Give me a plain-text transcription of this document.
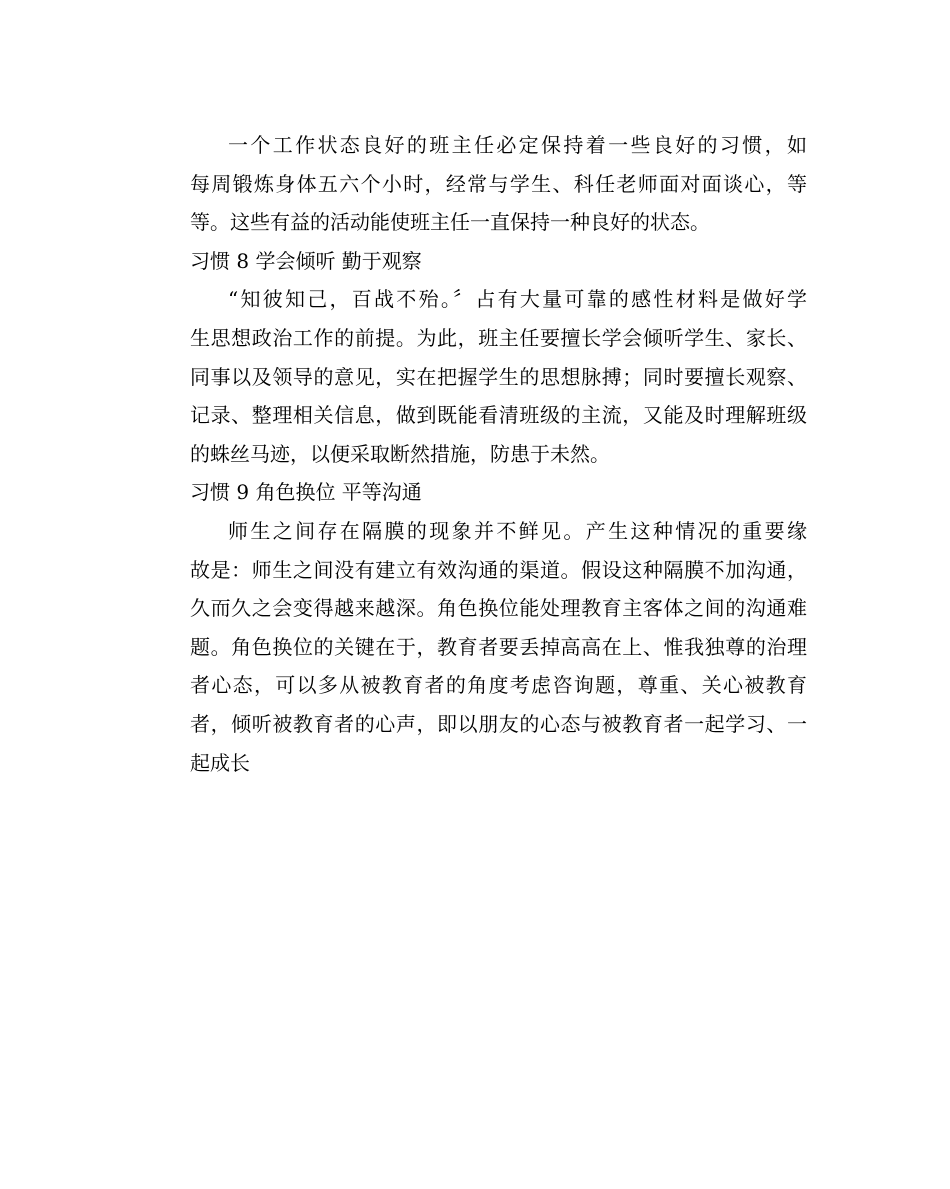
一个工作状态良好的班主任必定保持着一些良好的习惯，如
每周锻炼身体五六个小时，经常与学生、科任老师面对面谈心，等
等。这些有益的活动能使班主任一直保持一种良好的状态。
习惯 8 学会倾听 勤于观察
“知彼知己，百战不殆。〞占有大量可靠的感性材料是做好学
生思想政治工作的前提。为此，班主任要擅长学会倾听学生、家长、
同事以及领导的意见，实在把握学生的思想脉搏；同时要擅长观察、
记录、整理相关信息，做到既能看清班级的主流，又能及时理解班级
的蛛丝马迹，以便采取断然措施，防患于未然。
习惯 9 角色换位 平等沟通
师生之间存在隔膜的现象并不鲜见。产生这种情况的重要缘
故是：师生之间没有建立有效沟通的渠道。假设这种隔膜不加沟通，
久而久之会变得越来越深。角色换位能处理教育主客体之间的沟通难
题。角色换位的关键在于，教育者要丢掉高高在上、惟我独尊的治理
者心态，可以多从被教育者的角度考虑咨询题，尊重、关心被教育
者，倾听被教育者的心声，即以朋友的心态与被教育者一起学习、一
起成长
